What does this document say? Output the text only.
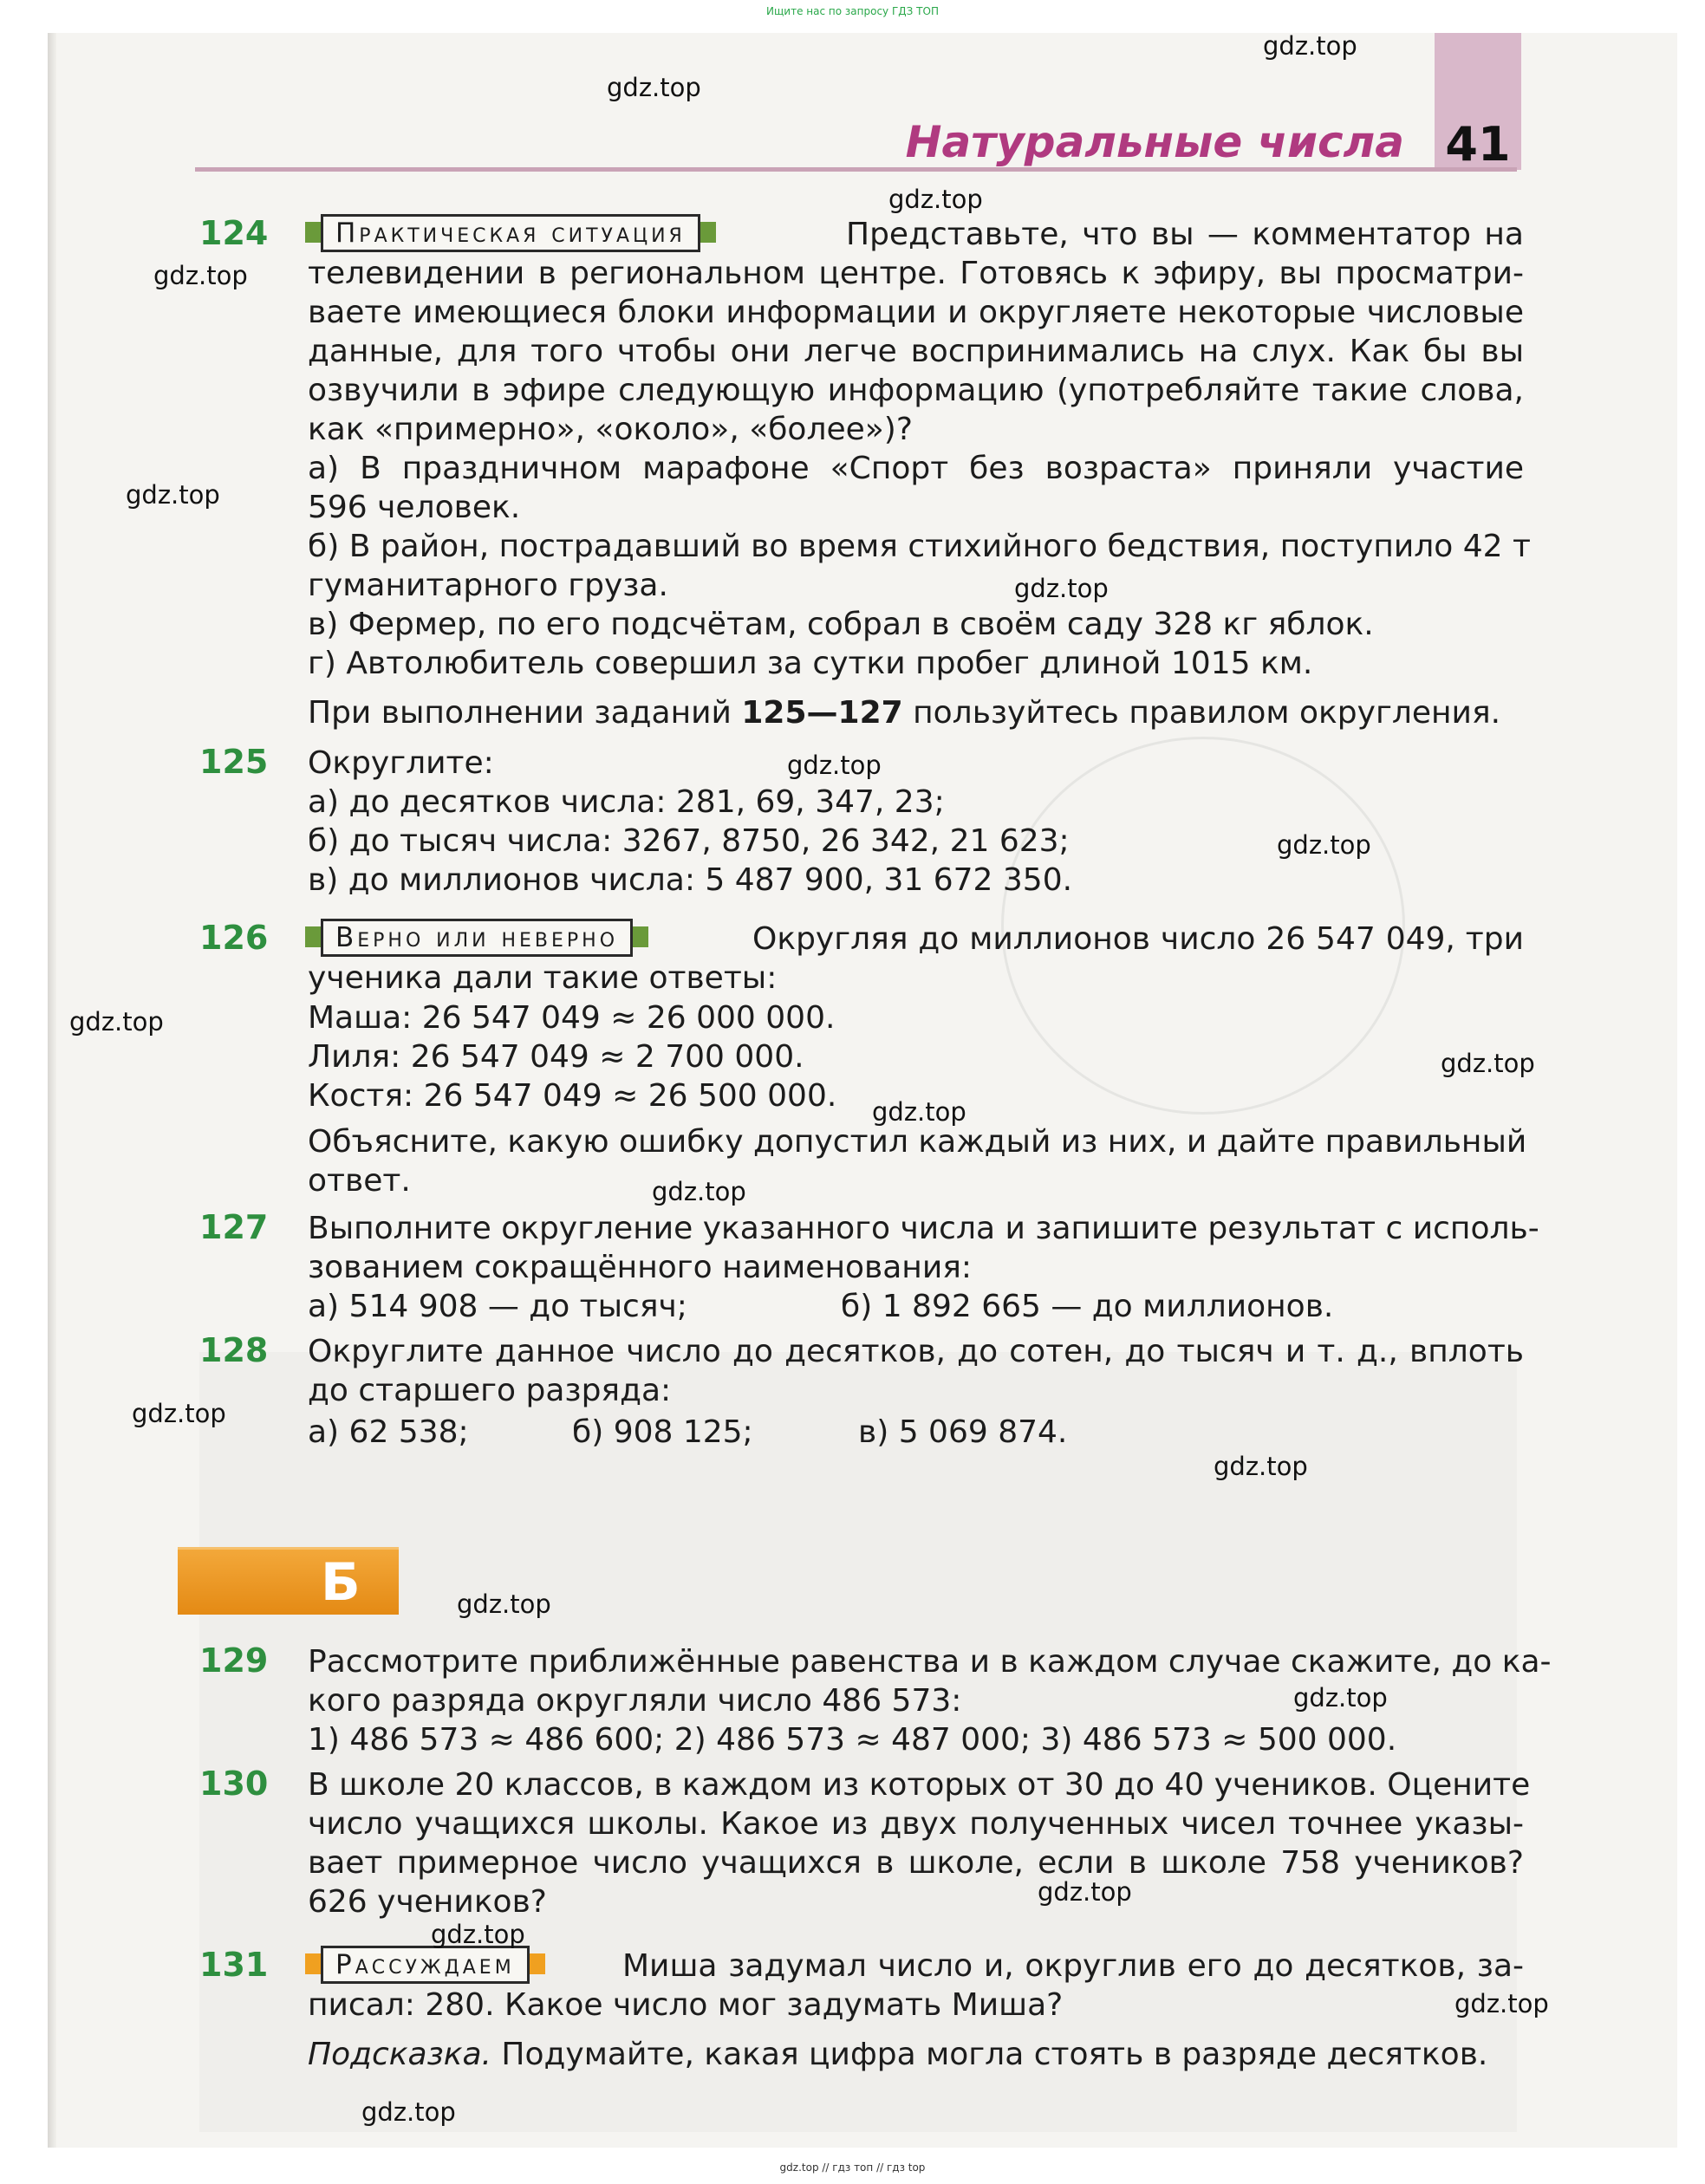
Ищите нас по запросу ГДЗ ТОП
Натуральные числа 41
124	Практическая ситуация	Представьте, что вы — комментатор на
телевидении в региональном центре. Готовясь к эфиру, вы просматри-
ваете имеющиеся блоки информации и округляете некоторые числовые
данные, для того чтобы они легче воспринимались на слух. Как бы вы
озвучили в эфире следующую информацию (употребляйте такие слова,
как «примерно», «около», «более»)?
а) В праздничном марафоне «Спорт без возраста» приняли участие
596 человек.
б) В район, пострадавший во время стихийного бедствия, поступило 42 т
гуманитарного груза.
в) Фермер, по его подсчётам, собрал в своём саду 328 кг яблок.
г) Автолюбитель совершил за сутки пробег длиной 1015 км.
При выполнении заданий 125—127 пользуйтесь правилом округления.
125 Округлите:
а) до десятков числа: 281, 69, 347, 23;
б) до тысяч числа: 3267, 8750, 26 342, 21 623;
в) до миллионов числа: 5 487 900, 31 672 350.
126	Верно или неверно	Округляя до миллионов число 26 547 049, три
ученика дали такие ответы:
Маша: 26 547 049 ≈ 26 000 000.
Лиля: 26 547 049 ≈ 2 700 000.
Костя: 26 547 049 ≈ 26 500 000.
Объясните, какую ошибку допустил каждый из них, и дайте правильный
ответ.
127 Выполните округление указанного числа и запишите результат с исполь-
зованием сокращённого наименования:
а) 514 908 — до тысяч;	б) 1 892 665 — до миллионов.
128 Округлите данное число до десятков, до сотен, до тысяч и т. д., вплоть
до старшего разряда:
а) 62 538;	б) 908 125;	в) 5 069 874.
Б
129 Рассмотрите приближённые равенства и в каждом случае скажите, до ка-
кого разряда округляли число 486 573:
1) 486 573 ≈ 486 600; 2) 486 573 ≈ 487 000; 3) 486 573 ≈ 500 000.
130 В школе 20 классов, в каждом из которых от 30 до 40 учеников. Оцените
число учащихся школы. Какое из двух полученных чисел точнее указы-
вает примерное число учащихся в школе, если в школе 758 учеников?
626 учеников?
131	Рассуждаем	Миша задумал число и, округлив его до десятков, за-
писал: 280. Какое число мог задумать Миша?
Подсказка. Подумайте, какая цифра могла стоять в разряде десятков.
gdz.top
gdz.top
gdz.top
gdz.top
gdz.top
gdz.top
gdz.top
gdz.top
gdz.top
gdz.top
gdz.top
gdz.top
gdz.top
gdz.top
gdz.top
gdz.top
gdz.top
gdz.top
gdz.top
gdz.top
gdz.top // гдз топ // гдз top
